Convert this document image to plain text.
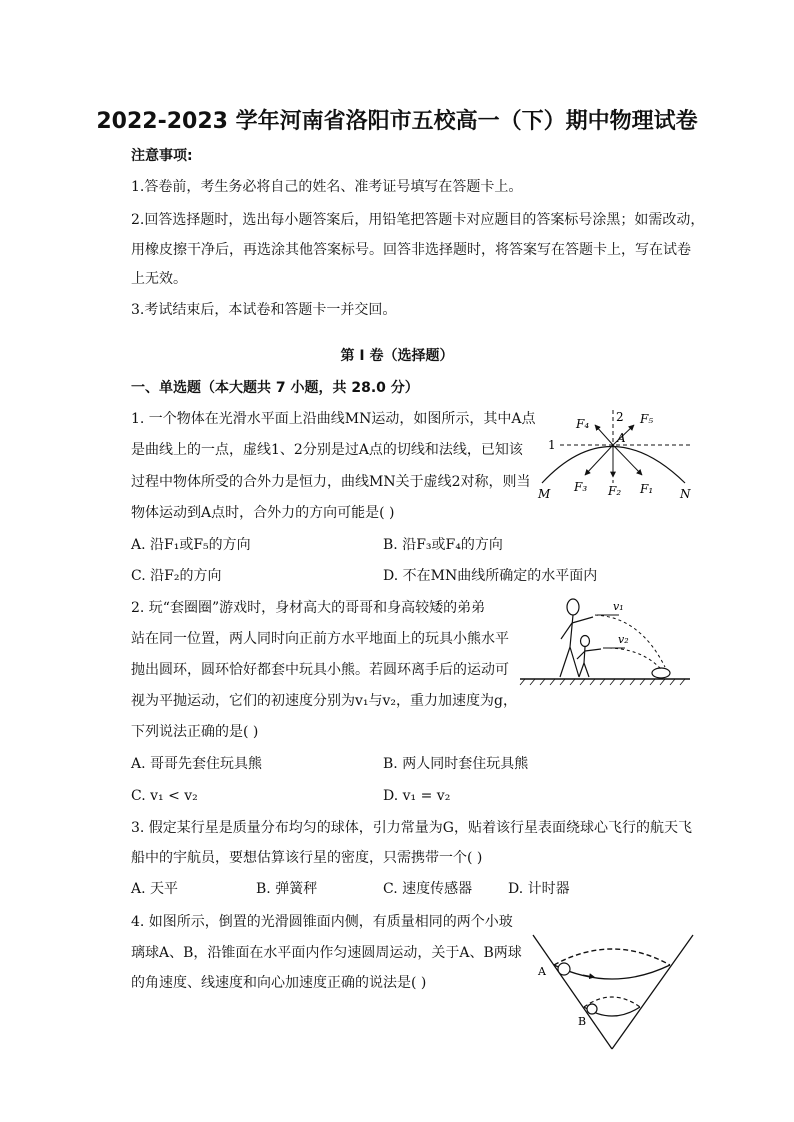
2022-2023 学年河南省洛阳市五校高一（下）期中物理试卷
注意事项:
1.答卷前，考生务必将自己的姓名、准考证号填写在答题卡上。
2.回答选择题时，选出每小题答案后，用铅笔把答题卡对应题目的答案标号涂黑；如需改动，
用橡皮擦干净后，再选涂其他答案标号。回答非选择题时，将答案写在答题卡上，写在试卷
上无效。
3.考试结束后，本试卷和答题卡一并交回。
第 I 卷（选择题）
一、单选题（本大题共 7 小题，共 28.0 分）
1. 一个物体在光滑水平面上沿曲线MN运动，如图所示，其中A点
是曲线上的一点，虚线1、2分别是过A点的切线和法线，已知该
过程中物体所受的合外力是恒力，曲线MN关于虚线2对称，则当
物体运动到A点时，合外力的方向可能是( )
A. 沿F₁或F₅的方向	B. 沿F₃或F₄的方向
C. 沿F₂的方向	D. 不在MN曲线所确定的水平面内
F₄	F₅
F₃ F₂ F₁
A
M	N
1
2
2. 玩“套圈圈”游戏时，身材高大的哥哥和身高较矮的弟弟
站在同一位置，两人同时向正前方水平地面上的玩具小熊水平
抛出圆环，圆环恰好都套中玩具小熊。若圆环离手后的运动可
视为平抛运动，它们的初速度分别为v₁与v₂，重力加速度为g，
下列说法正确的是( )
A. 哥哥先套住玩具熊	B. 两人同时套住玩具熊
C. v₁ < v₂	D. v₁ = v₂
v₁
v₂
3. 假定某行星是质量分布均匀的球体，引力常量为G，贴着该行星表面绕球心飞行的航天飞
船中的宇航员，要想估算该行星的密度，只需携带一个( )
A. 天平	B. 弹簧秤	C. 速度传感器	D. 计时器
4. 如图所示，倒置的光滑圆锥面内侧，有质量相同的两个小玻
璃球A、B，沿锥面在水平面内作匀速圆周运动，关于A、B两球
的角速度、线速度和向心加速度正确的说法是( )
A
B
